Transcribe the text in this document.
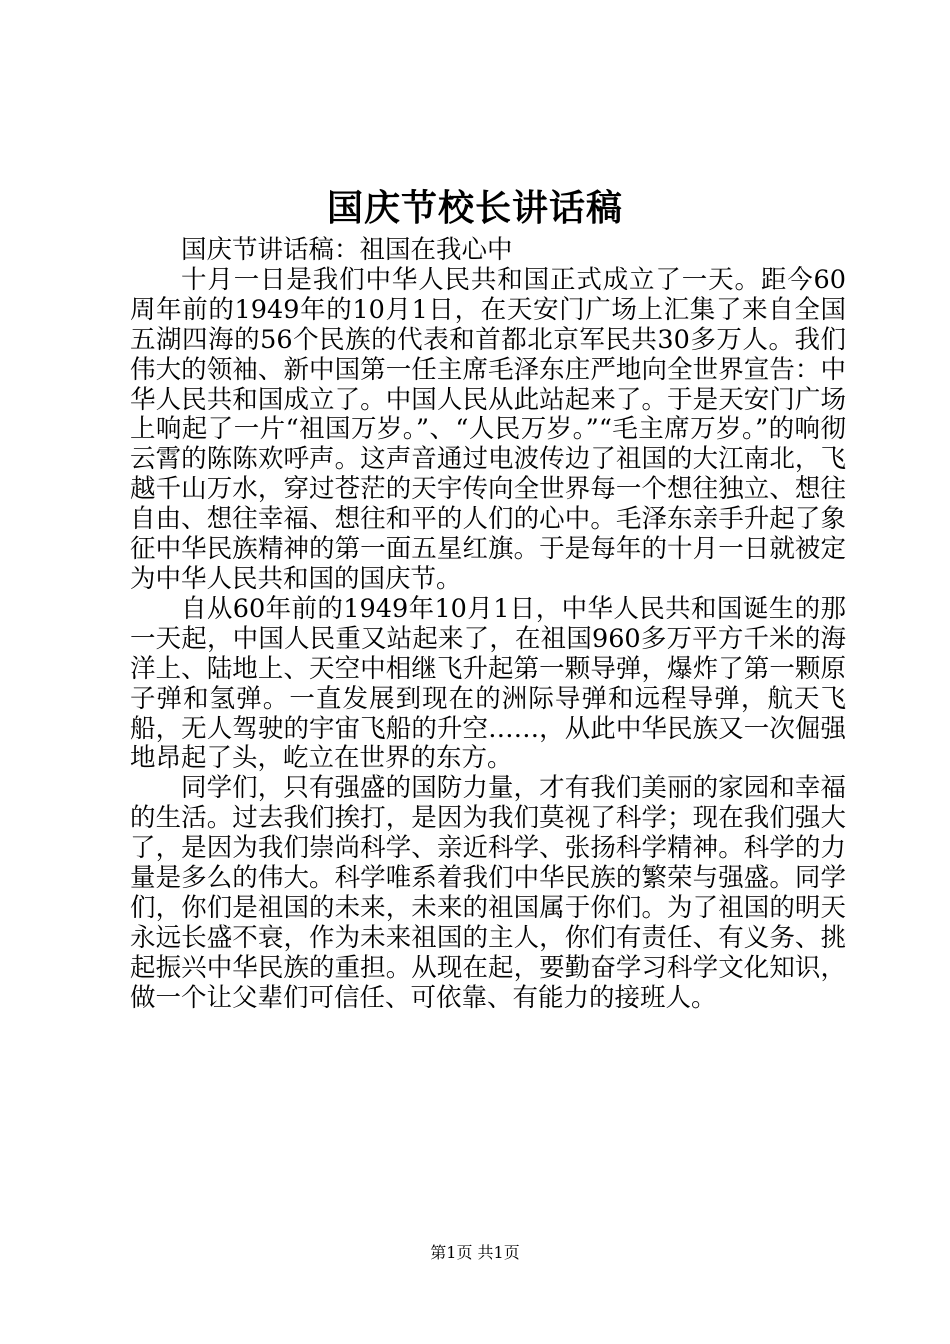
国庆节校长讲话稿

国庆节讲话稿：祖国在我心中

十月一日是我们中华人民共和国正式成立了一天。距今60周年前的1949年的10月1日，在天安门广场上汇集了来自全国五湖四海的56个民族的代表和首都北京军民共30多万人。我们伟大的领袖、新中国第一任主席毛泽东庄严地向全世界宣告：中华人民共和国成立了。中国人民从此站起来了。于是天安门广场上响起了一片“祖国万岁。”、“人民万岁。”“毛主席万岁。”的响彻云霄的陈陈欢呼声。这声音通过电波传边了祖国的大江南北，飞越千山万水，穿过苍茫的天宇传向全世界每一个想往独立、想往自由、想往幸福、想往和平的人们的心中。毛泽东亲手升起了象征中华民族精神的第一面五星红旗。于是每年的十月一日就被定为中华人民共和国的国庆节。

自从60年前的1949年10月1日，中华人民共和国诞生的那一天起，中国人民重又站起来了，在祖国960多万平方千米的海洋上、陆地上、天空中相继飞升起第一颗导弹，爆炸了第一颗原子弹和氢弹。一直发展到现在的洲际导弹和远程导弹，航天飞船，无人驾驶的宇宙飞船的升空……，从此中华民族又一次倔强地昂起了头，屹立在世界的东方。

同学们，只有强盛的国防力量，才有我们美丽的家园和幸福的生活。过去我们挨打，是因为我们莫视了科学；现在我们强大了，是因为我们崇尚科学、亲近科学、张扬科学精神。科学的力量是多么的伟大。科学唯系着我们中华民族的繁荣与强盛。同学们，你们是祖国的未来，未来的祖国属于你们。为了祖国的明天永远长盛不衰，作为未来祖国的主人，你们有责任、有义务、挑起振兴中华民族的重担。从现在起，要勤奋学习科学文化知识，做一个让父辈们可信任、可依靠、有能力的接班人。

第1页 共1页
